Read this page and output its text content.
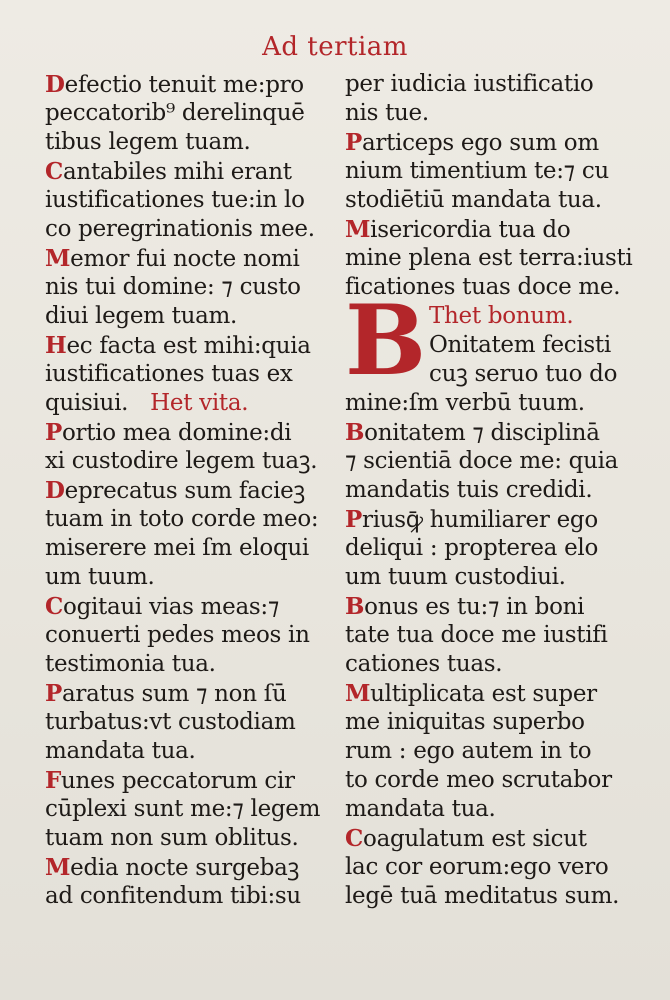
Ad tertiam
Defectio tenuit me:pro
peccatorib⁹ derelinquē
tibus legem tuam.
Cantabiles mihi erant
iustificationes tue:in lo
co peregrinationis mee.
Memor fui nocte nomi
nis tui domine: ⁊ custo
diui legem tuam.
Hec facta est mihi:quia
iustificationes tuas ex
quisiui. Het vita.
Portio mea domine:di
xi custodire legem tuaꝫ.
Deprecatus sum facieꝫ
tuam in toto corde meo:
miserere mei ſm eloqui
um tuum.
Cogitaui vias meas:⁊
conuerti pedes meos in
testimonia tua.
Paratus sum ⁊ non ſū
turbatus:vt custodiam
mandata tua.
Funes peccatorum cir
cūplexi sunt me:⁊ legem
tuam non sum oblitus.
Media nocte surgebaꝫ
ad confitendum tibi:su
per iudicia iustificatio
nis tue.
Particeps ego sum om
nium timentium te:⁊ cu
stodiētiū mandata tua.
Misericordia tua do
mine plena est terra:iusti
ficationes tuas doce me.
B Thet bonum.
Onitatem fecisti
cuꝫ seruo tuo do
mine:ſm verbū tuum.
Bonitatem ⁊ disciplinā
⁊ scientiā doce me: quia
mandatis tuis credidi.
Priusꝙ̄ humiliarer ego
deliqui : propterea elo
um tuum custodiui.
Bonus es tu:⁊ in boni
tate tua doce me iustifi
cationes tuas.
Multiplicata est super
me iniquitas superbo
rum : ego autem in to
to corde meo scrutabor
mandata tua.
Coagulatum est sicut
lac cor eorum:ego vero
legē tuā meditatus sum.
